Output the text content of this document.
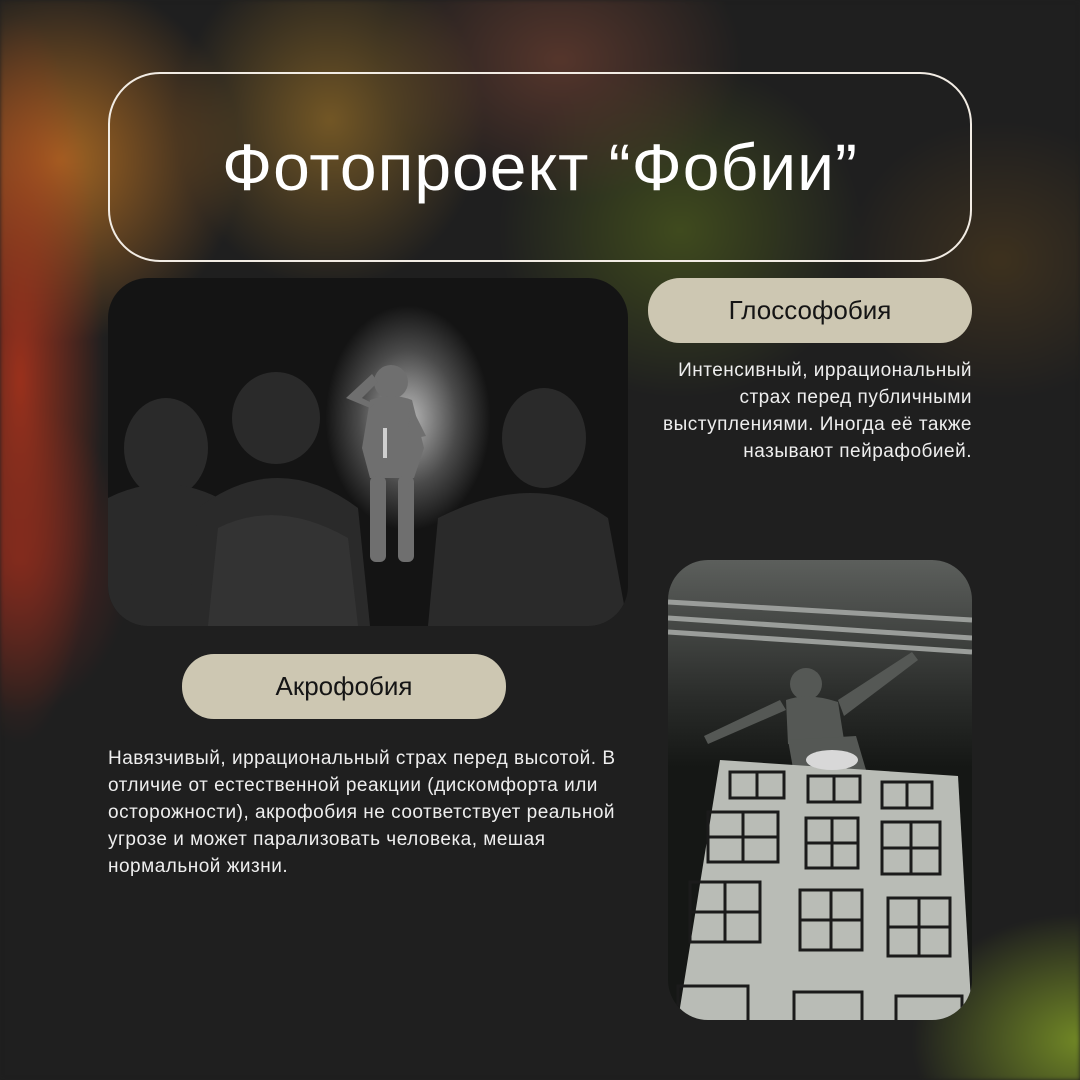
Фотопроект “Фобии”
Глоссофобия
Интенсивный, иррациональный страх перед публичными выступлениями. Иногда её также называют пейрафобией.
Акрофобия
Навязчивый, иррациональный страх перед высотой. В отличие от естественной реакции (дискомфорта или осторожности), акрофобия не соответствует реальной угрозе и может парализовать человека, мешая нормальной жизни.
